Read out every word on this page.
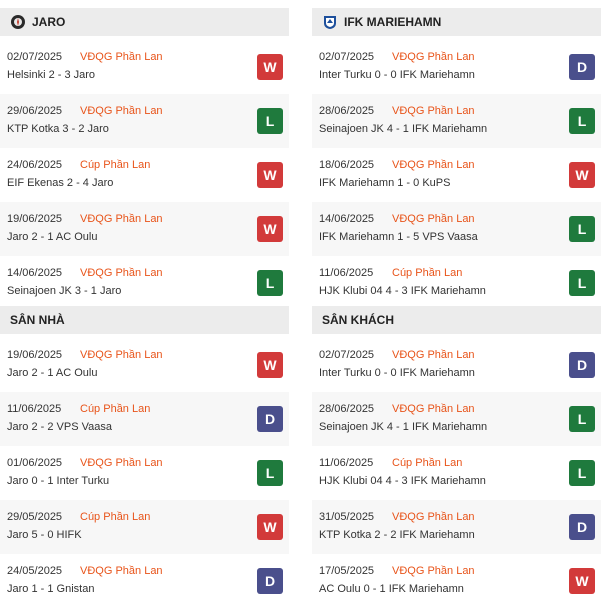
JARO
02/07/2025 VĐQG Phần Lan
Helsinki 2 - 3 Jaro	W
29/06/2025 VĐQG Phần Lan
KTP Kotka 3 - 2 Jaro	L
24/06/2025 Cúp Phần Lan
EIF Ekenas 2 - 4 Jaro	W
19/06/2025 VĐQG Phần Lan
Jaro 2 - 1 AC Oulu	W
14/06/2025 VĐQG Phần Lan
Seinajoen JK 3 - 1 Jaro	L
IFK MARIEHAMN
02/07/2025 VĐQG Phần Lan
Inter Turku 0 - 0 IFK Mariehamn	D
28/06/2025 VĐQG Phần Lan
Seinajoen JK 4 - 1 IFK Mariehamn	L
18/06/2025 VĐQG Phần Lan
IFK Mariehamn 1 - 0 KuPS	W
14/06/2025 VĐQG Phần Lan
IFK Mariehamn 1 - 5 VPS Vaasa	L
11/06/2025 Cúp Phần Lan
HJK Klubi 04 4 - 3 IFK Mariehamn	L
SÂN NHÀ
19/06/2025 VĐQG Phần Lan
Jaro 2 - 1 AC Oulu	W
11/06/2025 Cúp Phần Lan
Jaro 2 - 2 VPS Vaasa	D
01/06/2025 VĐQG Phần Lan
Jaro 0 - 1 Inter Turku	L
29/05/2025 Cúp Phần Lan
Jaro 5 - 0 HIFK	W
24/05/2025 VĐQG Phần Lan
Jaro 1 - 1 Gnistan	D
SÂN KHÁCH
02/07/2025 VĐQG Phần Lan
Inter Turku 0 - 0 IFK Mariehamn	D
28/06/2025 VĐQG Phần Lan
Seinajoen JK 4 - 1 IFK Mariehamn	L
11/06/2025 Cúp Phần Lan
HJK Klubi 04 4 - 3 IFK Mariehamn	L
31/05/2025 VĐQG Phần Lan
KTP Kotka 2 - 2 IFK Mariehamn	D
17/05/2025 VĐQG Phần Lan
AC Oulu 0 - 1 IFK Mariehamn	W
